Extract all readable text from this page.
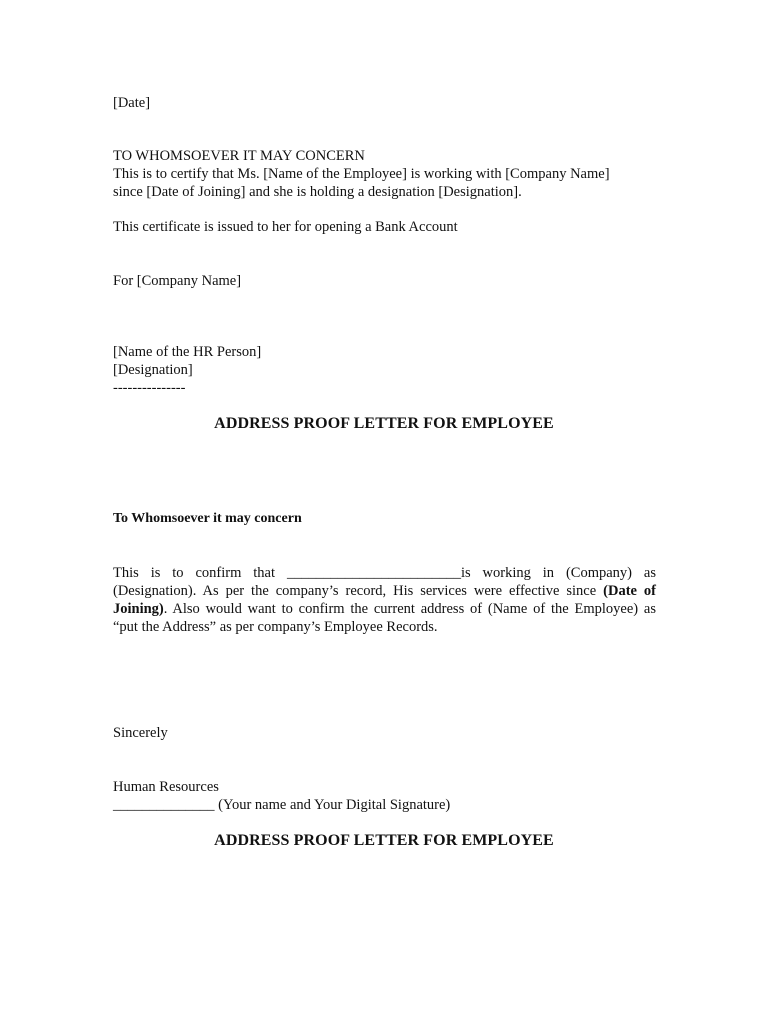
[Date]
TO WHOMSOEVER IT MAY CONCERN
This is to certify that Ms. [Name of the Employee] is working with [Company Name]
since [Date of Joining] and she is holding a designation [Designation].
This certificate is issued to her for opening a Bank Account
For [Company Name]
[Name of the HR Person]
[Designation]
---------------
ADDRESS PROOF LETTER FOR EMPLOYEE
To Whomsoever it may concern
This is to confirm that ________________________is working in (Company) as
(Designation). As per the company’s record, His services were effective since (Date of
Joining). Also would want to confirm the current address of (Name of the Employee) as
“put the Address” as per company’s Employee Records.
Sincerely
Human Resources
______________ (Your name and Your Digital Signature)
ADDRESS PROOF LETTER FOR EMPLOYEE
